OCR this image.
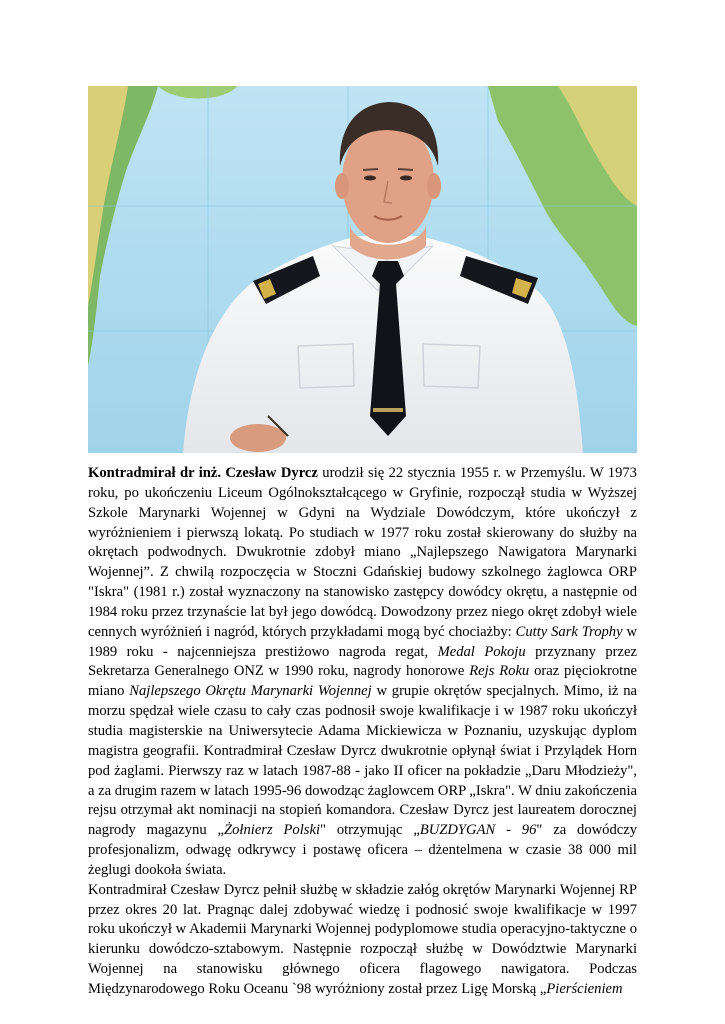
Kontradmirał dr inż. Czesław Dyrcz urodził się 22 stycznia 1955 r. w Przemyślu. W 1973 roku, po ukończeniu Liceum Ogólnokształcącego w Gryfinie, rozpoczął studia w Wyższej Szkole Marynarki Wojennej w Gdyni na Wydziale Dowódczym, które ukończył z wyróżnieniem i pierwszą lokatą. Po studiach w 1977 roku został skierowany do służby na okrętach podwodnych. Dwukrotnie zdobył miano „Najlepszego Nawigatora Marynarki Wojennej”. Z chwilą rozpoczęcia w Stoczni Gdańskiej budowy szkolnego żaglowca ORP "Iskra" (1981 r.) został wyznaczony na stanowisko zastępcy dowódcy okrętu, a następnie od 1984 roku przez trzynaście lat był jego dowódcą. Dowodzony przez niego okręt zdobył wiele cennych wyróżnień i nagród, których przykładami mogą być chociażby: Cutty Sark Trophy w 1989 roku - najcenniejsza prestiżowo nagroda regat, Medal Pokoju przyznany przez Sekretarza Generalnego ONZ w 1990 roku, nagrody honorowe Rejs Roku oraz pięciokrotne miano Najlepszego Okrętu Marynarki Wojennej w grupie okrętów specjalnych. Mimo, iż na morzu spędzał wiele czasu to cały czas podnosił swoje kwalifikacje i w 1987 roku ukończył studia magisterskie na Uniwersytecie Adama Mickiewicza w Poznaniu, uzyskując dyplom magistra geografii. Kontradmirał Czesław Dyrcz dwukrotnie opłynął świat i Przylądek Horn pod żaglami. Pierwszy raz w latach 1987-88 - jako II oficer na pokładzie „Daru Młodzieży", a za drugim razem w latach 1995-96 dowodząc żaglowcem ORP „Iskra". W dniu zakończenia rejsu otrzymał akt nominacji na stopień komandora. Czesław Dyrcz jest laureatem dorocznej nagrody magazynu „Żołnierz Polski" otrzymując „BUZDYGAN - 96" za dowódczy profesjonalizm, odwagę odkrywcy i postawę oficera – dżentelmena w czasie 38 000 mil żeglugi dookoła świata.

Kontradmirał Czesław Dyrcz pełnił służbę w składzie załóg okrętów Marynarki Wojennej RP przez okres 20 lat. Pragnąc dalej zdobywać wiedzę i podnosić swoje kwalifikacje w 1997 roku ukończył w Akademii Marynarki Wojennej podyplomowe studia operacyjno-taktyczne o kierunku dowódczo-sztabowym. Następnie rozpoczął służbę w Dowództwie Marynarki Wojennej na stanowisku głównego oficera flagowego nawigatora. Podczas Międzynarodowego Roku Oceanu `98 wyróżniony został przez Ligę Morską „Pierścieniem
